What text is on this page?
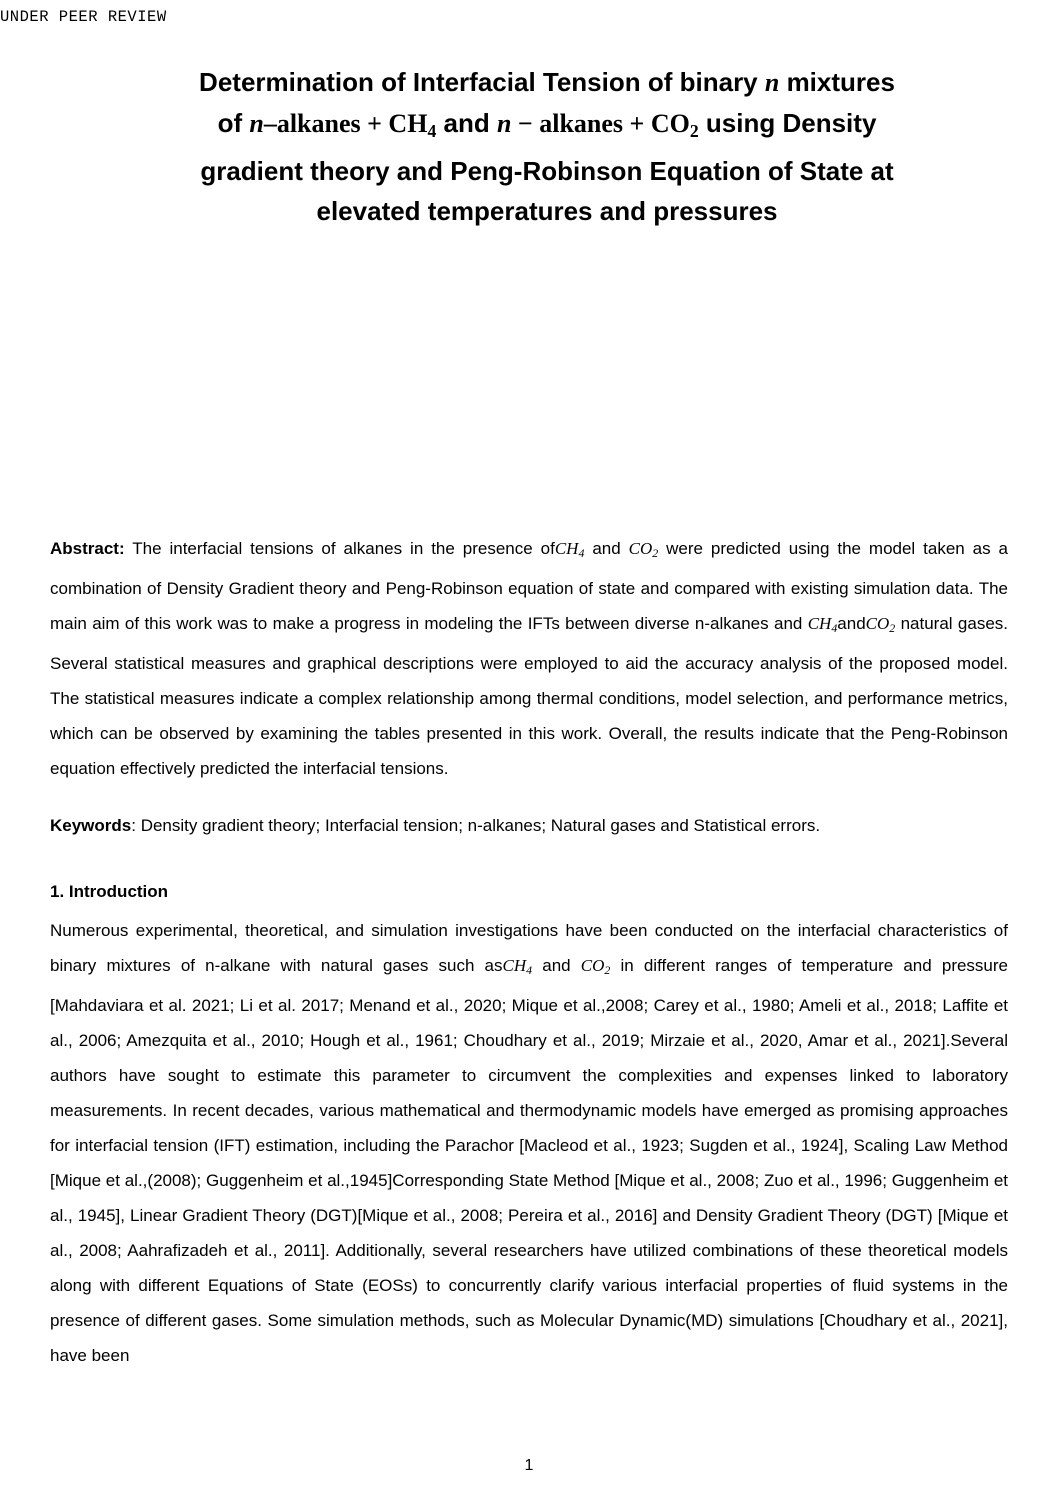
UNDER PEER REVIEW
Determination of Interfacial Tension of binary n mixtures
of n–alkanes + $CH_4$ and n − alkanes + $CO_2$ using Density
gradient theory and Peng-Robinson Equation of State at
elevated temperatures and pressures

Abstract: The interfacial tensions of alkanes in the presence ofCH$_4$ and $CO_2$ were predicted using the model taken as a combination of Density Gradient theory and Peng-Robinson equation of state and compared with existing simulation data. The main aim of this work was to make a progress in modeling the IFTs between diverse n-alkanes and $CH_4andCO_2$ natural gases. Several statistical measures and graphical descriptions were employed to aid the accuracy analysis of the proposed model. The statistical measures indicate a complex relationship among thermal conditions, model selection, and performance metrics, which can be observed by examining the tables presented in this work. Overall, the results indicate that the Peng-Robinson equation effectively predicted the interfacial tensions.

Keywords: Density gradient theory; Interfacial tension; n-alkanes; Natural gases and Statistical errors.

1. Introduction

Numerous experimental, theoretical, and simulation investigations have been conducted on the interfacial characteristics of binary mixtures of n-alkane with natural gases such asCH$_4$ and $CO_2$ in different ranges of temperature and pressure [Mahdaviara et al. 2021; Li et al. 2017; Menand et al., 2020; Mique et al.,2008; Carey et al., 1980; Ameli et al., 2018; Laffite et al., 2006; Amezquita et al., 2010; Hough et al., 1961; Choudhary et al., 2019; Mirzaie et al., 2020, Amar et al., 2021].Several authors have sought to estimate this parameter to circumvent the complexities and expenses linked to laboratory measurements. In recent decades, various mathematical and thermodynamic models have emerged as promising approaches for interfacial tension (IFT) estimation, including the Parachor [Macleod et al., 1923; Sugden et al., 1924], Scaling Law Method [Mique et al.,(2008); Guggenheim et al.,1945]Corresponding State Method [Mique et al., 2008; Zuo et al., 1996; Guggenheim et al., 1945], Linear Gradient Theory (DGT)[Mique et al., 2008; Pereira et al., 2016] and Density Gradient Theory (DGT) [Mique et al., 2008; Aahrafizadeh et al., 2011]. Additionally, several researchers have utilized combinations of these theoretical models along with different Equations of State (EOSs) to concurrently clarify various interfacial properties of fluid systems in the presence of different gases. Some simulation methods, such as Molecular Dynamic(MD) simulations [Choudhary et al., 2021], have been

1
